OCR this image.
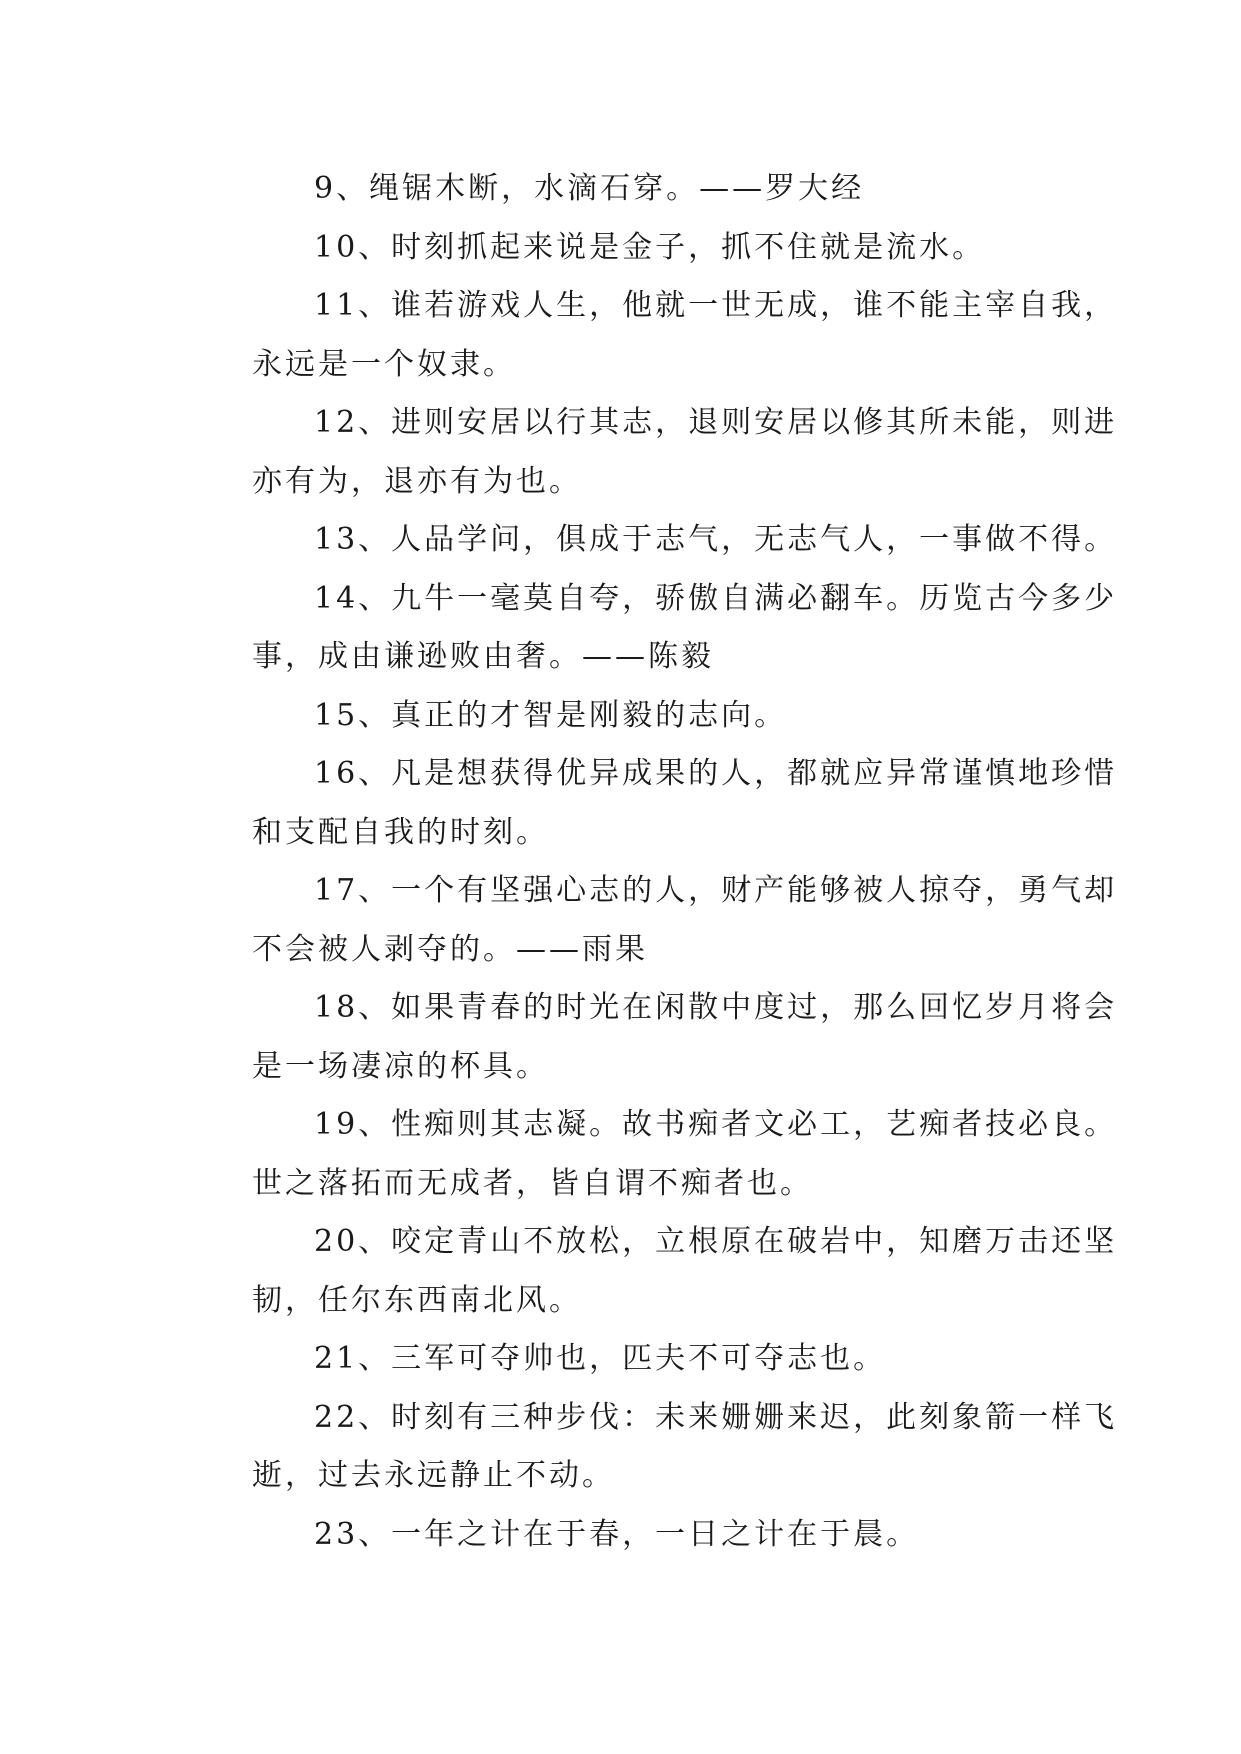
9、绳锯木断，水滴石穿。——罗大经
10、时刻抓起来说是金子，抓不住就是流水。
11、谁若游戏人生，他就一世无成，谁不能主宰自我，
永远是一个奴隶。
12、进则安居以行其志，退则安居以修其所未能，则进
亦有为，退亦有为也。
13、人品学问，俱成于志气，无志气人，一事做不得。
14、九牛一毫莫自夸，骄傲自满必翻车。历览古今多少
事，成由谦逊败由奢。——陈毅
15、真正的才智是刚毅的志向。
16、凡是想获得优异成果的人，都就应异常谨慎地珍惜
和支配自我的时刻。
17、一个有坚强心志的人，财产能够被人掠夺，勇气却
不会被人剥夺的。——雨果
18、如果青春的时光在闲散中度过，那么回忆岁月将会
是一场凄凉的杯具。
19、性痴则其志凝。故书痴者文必工，艺痴者技必良。
世之落拓而无成者，皆自谓不痴者也。
20、咬定青山不放松，立根原在破岩中，知磨万击还坚
韧，任尔东西南北风。
21、三军可夺帅也，匹夫不可夺志也。
22、时刻有三种步伐：未来姗姗来迟，此刻象箭一样飞
逝，过去永远静止不动。
23、一年之计在于春，一日之计在于晨。
